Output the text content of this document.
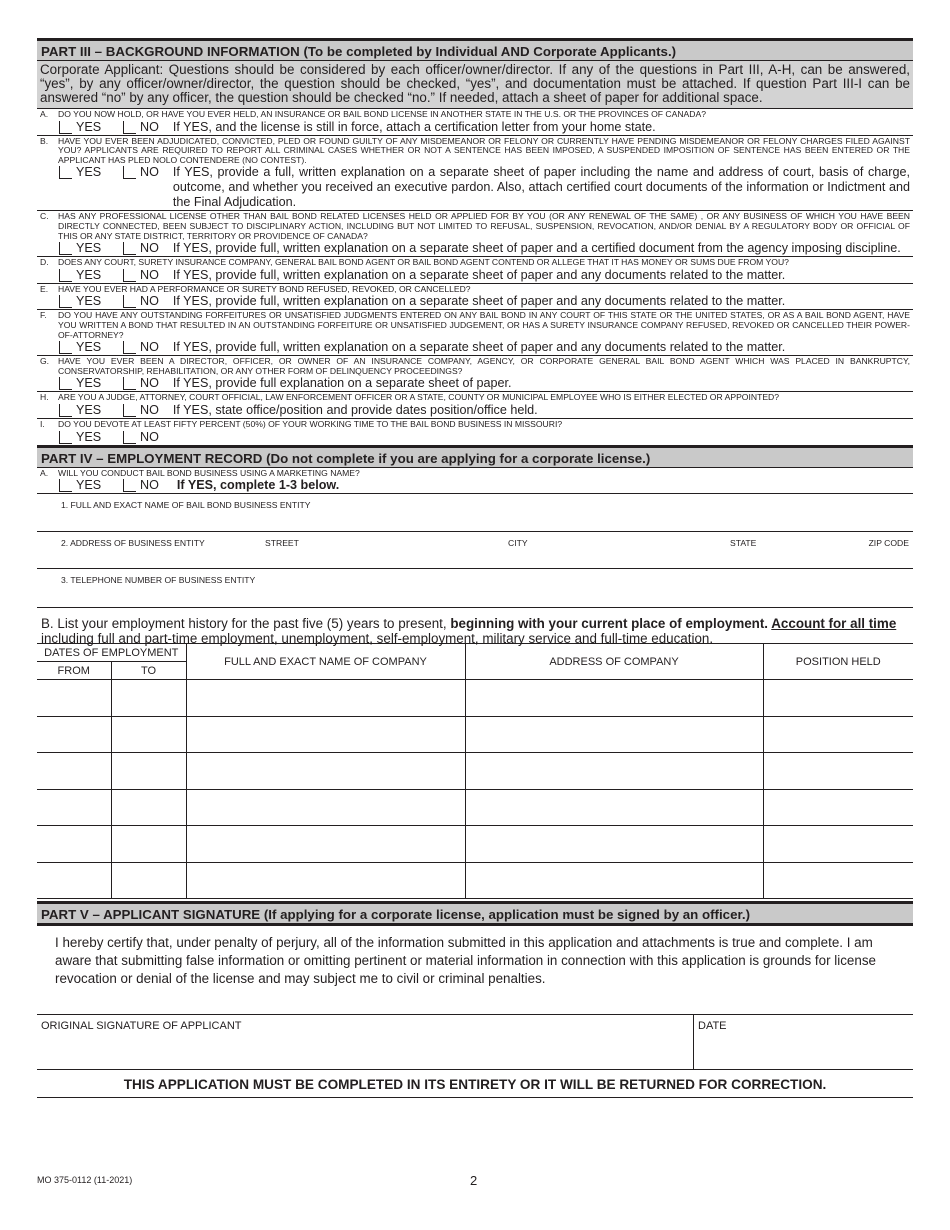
PART III – BACKGROUND INFORMATION (To be completed by Individual AND Corporate Applicants.)
Corporate Applicant: Questions should be considered by each officer/owner/director. If any of the questions in Part III, A-H, can be answered, “yes”, by any officer/owner/director, the question should be checked, “yes”, and documentation must be attached. If question Part III-I can be answered “no” by any officer, the question should be checked “no.” If needed, attach a sheet of paper for additional space.
A.	DO YOU NOW HOLD, OR HAVE YOU EVER HELD, AN INSURANCE OR BAIL BOND LICENSE IN ANOTHER STATE IN THE U.S. OR THE PROVINCES OF CANADA?
YES	NO If YES, and the license is still in force, attach a certification letter from your home state.
B.	HAVE YOU EVER BEEN ADJUDICATED, CONVICTED, PLED OR FOUND GUILTY OF ANY MISDEMEANOR OR FELONY OR CURRENTLY HAVE PENDING MISDEMEANOR OR FELONY CHARGES FILED AGAINST YOU? APPLICANTS ARE REQUIRED TO REPORT ALL CRIMINAL CASES WHETHER OR NOT A SENTENCE HAS BEEN IMPOSED, A SUSPENDED IMPOSITION OF SENTENCE HAS BEEN ENTERED OR THE APPLICANT HAS PLED NOLO CONTENDERE (NO CONTEST).
YES	NO If YES, provide a full, written explanation on a separate sheet of paper including the name and address of court, basis of charge, outcome, and whether you received an executive pardon. Also, attach certified court documents of the information or Indictment and the Final Adjudication.
C.	HAS ANY PROFESSIONAL LICENSE OTHER THAN BAIL BOND RELATED LICENSES HELD OR APPLIED FOR BY YOU (OR ANY RENEWAL OF THE SAME) , OR ANY BUSINESS OF WHICH YOU HAVE BEEN DIRECTLY CONNECTED, BEEN SUBJECT TO DISCIPLINARY ACTION, INCLUDING BUT NOT LIMITED TO REFUSAL, SUSPENSION, REVOCATION, AND/OR DENIAL BY A REGULATORY BODY OR OFFICIAL OF THIS OR ANY STATE DISTRICT, TERRITORY OR PROVIDENCE OF CANADA?
YES	NO If YES, provide full, written explanation on a separate sheet of paper and a certified document from the agency imposing discipline.
D.	DOES ANY COURT, SURETY INSURANCE COMPANY, GENERAL BAIL BOND AGENT OR BAIL BOND AGENT CONTEND OR ALLEGE THAT IT HAS MONEY OR SUMS DUE FROM YOU?
YES	NO If YES, provide full, written explanation on a separate sheet of paper and any documents related to the matter.
E.	HAVE YOU EVER HAD A PERFORMANCE OR SURETY BOND REFUSED, REVOKED, OR CANCELLED?
YES	NO If YES, provide full, written explanation on a separate sheet of paper and any documents related to the matter.
F.	DO YOU HAVE ANY OUTSTANDING FORFEITURES OR UNSATISFIED JUDGMENTS ENTERED ON ANY BAIL BOND IN ANY COURT OF THIS STATE OR THE UNITED STATES, OR AS A BAIL BOND AGENT, HAVE YOU WRITTEN A BOND THAT RESULTED IN AN OUTSTANDING FORFEITURE OR UNSATISFIED JUDGEMENT, OR HAS A SURETY INSURANCE COMPANY REFUSED, REVOKED OR CANCELLED THEIR POWER-OF-ATTORNEY?
YES	NO If YES, provide full, written explanation on a separate sheet of paper and any documents related to the matter.
G.	HAVE YOU EVER BEEN A DIRECTOR, OFFICER, OR OWNER OF AN INSURANCE COMPANY, AGENCY, OR CORPORATE GENERAL BAIL BOND AGENT WHICH WAS PLACED IN BANKRUPTCY, CONSERVATORSHIP, REHABILITATION, OR ANY OTHER FORM OF DELINQUENCY PROCEEDINGS?
YES	NO If YES, provide full explanation on a separate sheet of paper.
H.	ARE YOU A JUDGE, ATTORNEY, COURT OFFICIAL, LAW ENFORCEMENT OFFICER OR A STATE, COUNTY OR MUNICIPAL EMPLOYEE WHO IS EITHER ELECTED OR APPOINTED?
YES	NO If YES, state office/position and provide dates position/office held.
I.	DO YOU DEVOTE AT LEAST FIFTY PERCENT (50%) OF YOUR WORKING TIME TO THE BAIL BOND BUSINESS IN MISSOURI?
YES	NO
PART IV – EMPLOYMENT RECORD (Do not complete if you are applying for a corporate license.)
A.	WILL YOU CONDUCT BAIL BOND BUSINESS USING A MARKETING NAME?
YES	NO If YES, complete 1-3 below.
1. FULL AND EXACT NAME OF BAIL BOND BUSINESS ENTITY
2. ADDRESS OF BUSINESS ENTITY	STREET	CITY	STATE	ZIP CODE
3. TELEPHONE NUMBER OF BUSINESS ENTITY
B. List your employment history for the past five (5) years to present, beginning with your current place of employment. Account for all time including full and part-time employment, unemployment, self-employment, military service and full-time education.
DATES OF EMPLOYMENT		FULL AND EXACT NAME OF COMPANY	ADDRESS OF COMPANY	POSITION HELD
FROM	TO			

PART V – APPLICANT SIGNATURE (If applying for a corporate license, application must be signed by an officer.)
I hereby certify that, under penalty of perjury, all of the information submitted in this application and attachments is true and complete. I am aware that submitting false information or omitting pertinent or material information in connection with this application is grounds for license revocation or denial of the license and may subject me to civil or criminal penalties.
ORIGINAL SIGNATURE OF APPLICANT	DATE
THIS APPLICATION MUST BE COMPLETED IN ITS ENTIRETY OR IT WILL BE RETURNED FOR CORRECTION.
MO 375-0112 (11-2021)	2
